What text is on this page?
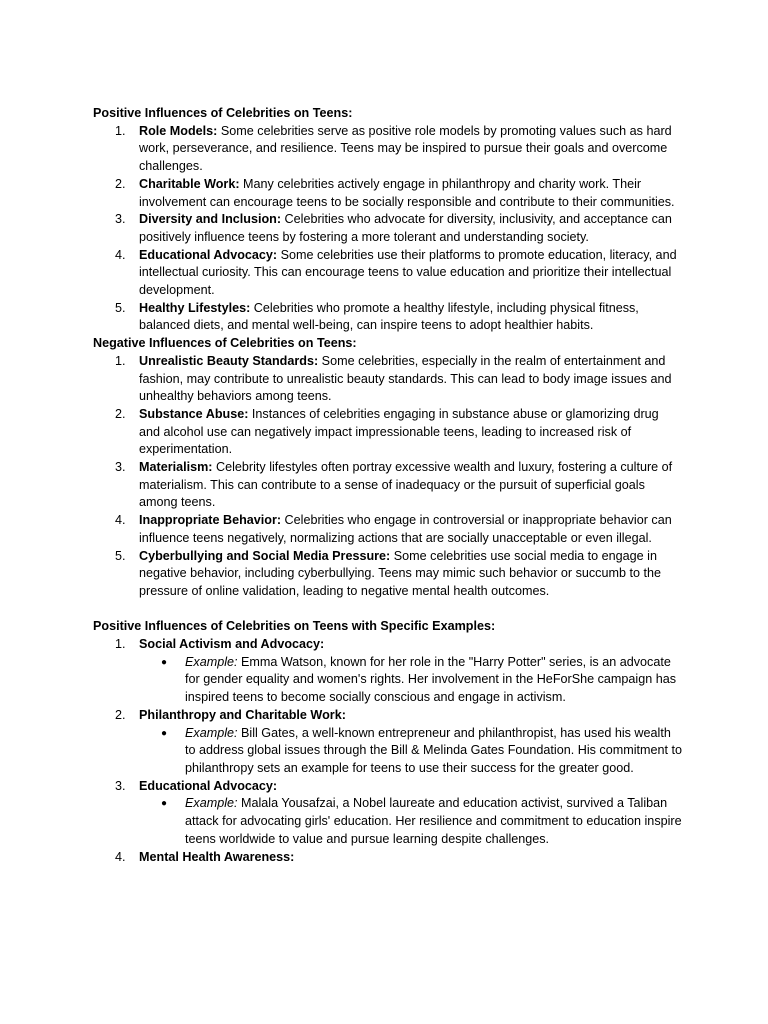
Positive Influences of Celebrities on Teens:

1. Role Models: Some celebrities serve as positive role models by promoting values such as hard work, perseverance, and resilience. Teens may be inspired to pursue their goals and overcome challenges.
2. Charitable Work: Many celebrities actively engage in philanthropy and charity work. Their involvement can encourage teens to be socially responsible and contribute to their communities.
3. Diversity and Inclusion: Celebrities who advocate for diversity, inclusivity, and acceptance can positively influence teens by fostering a more tolerant and understanding society.
4. Educational Advocacy: Some celebrities use their platforms to promote education, literacy, and intellectual curiosity. This can encourage teens to value education and prioritize their intellectual development.
5. Healthy Lifestyles: Celebrities who promote a healthy lifestyle, including physical fitness, balanced diets, and mental well-being, can inspire teens to adopt healthier habits.

Negative Influences of Celebrities on Teens:

1. Unrealistic Beauty Standards: Some celebrities, especially in the realm of entertainment and fashion, may contribute to unrealistic beauty standards. This can lead to body image issues and unhealthy behaviors among teens.
2. Substance Abuse: Instances of celebrities engaging in substance abuse or glamorizing drug and alcohol use can negatively impact impressionable teens, leading to increased risk of experimentation.
3. Materialism: Celebrity lifestyles often portray excessive wealth and luxury, fostering a culture of materialism. This can contribute to a sense of inadequacy or the pursuit of superficial goals among teens.
4. Inappropriate Behavior: Celebrities who engage in controversial or inappropriate behavior can influence teens negatively, normalizing actions that are socially unacceptable or even illegal.
5. Cyberbullying and Social Media Pressure: Some celebrities use social media to engage in negative behavior, including cyberbullying. Teens may mimic such behavior or succumb to the pressure of online validation, leading to negative mental health outcomes.

Positive Influences of Celebrities on Teens with Specific Examples:

1. Social Activism and Advocacy:
● Example: Emma Watson, known for her role in the "Harry Potter" series, is an advocate for gender equality and women's rights. Her involvement in the HeForShe campaign has inspired teens to become socially conscious and engage in activism.
2. Philanthropy and Charitable Work:
● Example: Bill Gates, a well-known entrepreneur and philanthropist, has used his wealth to address global issues through the Bill & Melinda Gates Foundation. His commitment to philanthropy sets an example for teens to use their success for the greater good.
3. Educational Advocacy:
● Example: Malala Yousafzai, a Nobel laureate and education activist, survived a Taliban attack for advocating girls' education. Her resilience and commitment to education inspire teens worldwide to value and pursue learning despite challenges.
4. Mental Health Awareness:
